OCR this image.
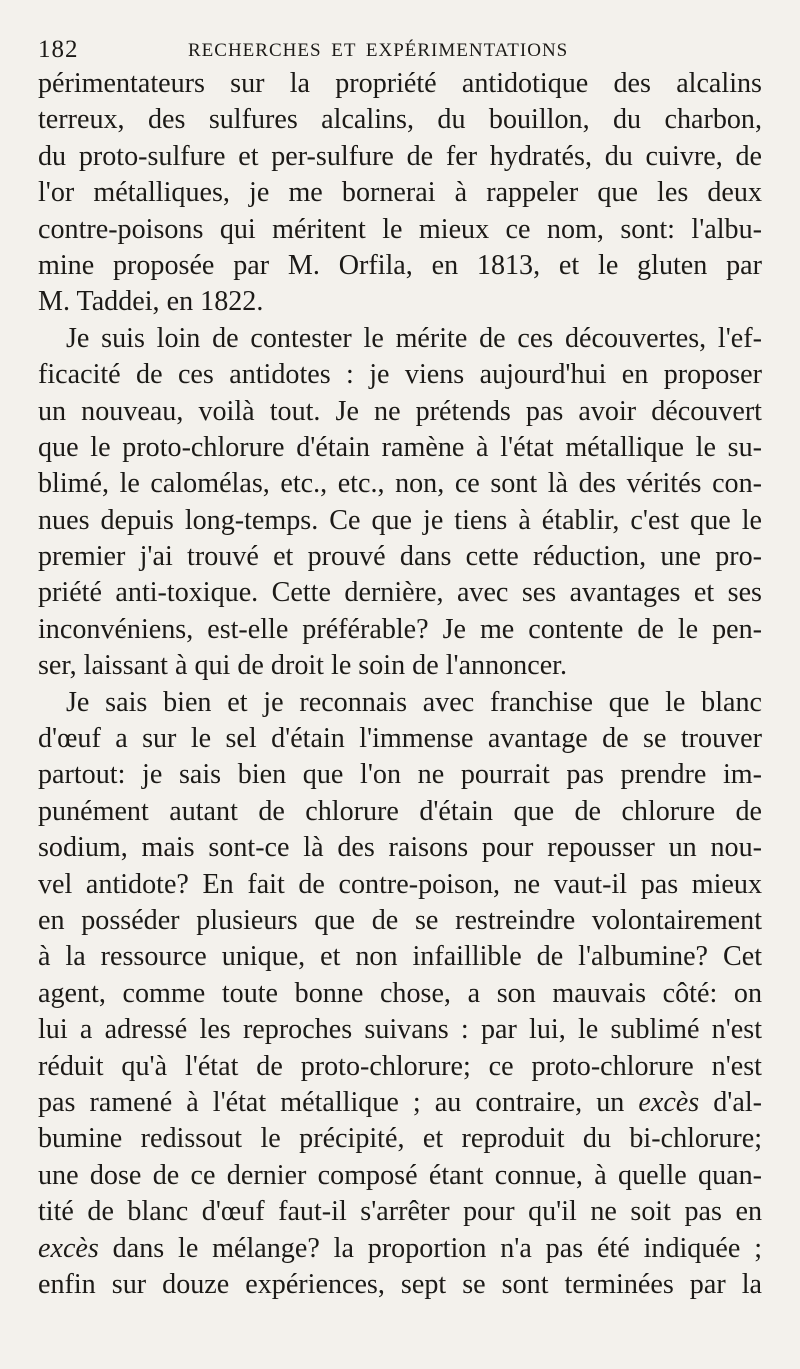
182	RECHERCHES ET EXPÉRIMENTATIONS
périmentateurs sur la propriété antidotique des alcalins
terreux, des sulfures alcalins, du bouillon, du charbon,
du proto-sulfure et per-sulfure de fer hydratés, du cuivre, de
l'or métalliques, je me bornerai à rappeler que les deux
contre-poisons qui méritent le mieux ce nom, sont: l'albu-
mine proposée par M. Orfila, en 1813, et le gluten par
M. Taddei, en 1822.
Je suis loin de contester le mérite de ces découvertes, l'ef-
ficacité de ces antidotes : je viens aujourd'hui en proposer
un nouveau, voilà tout. Je ne prétends pas avoir découvert
que le proto-chlorure d'étain ramène à l'état métallique le su-
blimé, le calomélas, etc., etc., non, ce sont là des vérités con-
nues depuis long-temps. Ce que je tiens à établir, c'est que le
premier j'ai trouvé et prouvé dans cette réduction, une pro-
priété anti-toxique. Cette dernière, avec ses avantages et ses
inconvéniens, est-elle préférable? Je me contente de le pen-
ser, laissant à qui de droit le soin de l'annoncer.
Je sais bien et je reconnais avec franchise que le blanc
d'œuf a sur le sel d'étain l'immense avantage de se trouver
partout: je sais bien que l'on ne pourrait pas prendre im-
punément autant de chlorure d'étain que de chlorure de
sodium, mais sont-ce là des raisons pour repousser un nou-
vel antidote? En fait de contre-poison, ne vaut-il pas mieux
en posséder plusieurs que de se restreindre volontairement
à la ressource unique, et non infaillible de l'albumine? Cet
agent, comme toute bonne chose, a son mauvais côté: on
lui a adressé les reproches suivans : par lui, le sublimé n'est
réduit qu'à l'état de proto-chlorure; ce proto-chlorure n'est
pas ramené à l'état métallique ; au contraire, un excès d'al-
bumine redissout le précipité, et reproduit du bi-chlorure;
une dose de ce dernier composé étant connue, à quelle quan-
tité de blanc d'œuf faut-il s'arrêter pour qu'il ne soit pas en
excès dans le mélange? la proportion n'a pas été indiquée ;
enfin sur douze expériences, sept se sont terminées par la
